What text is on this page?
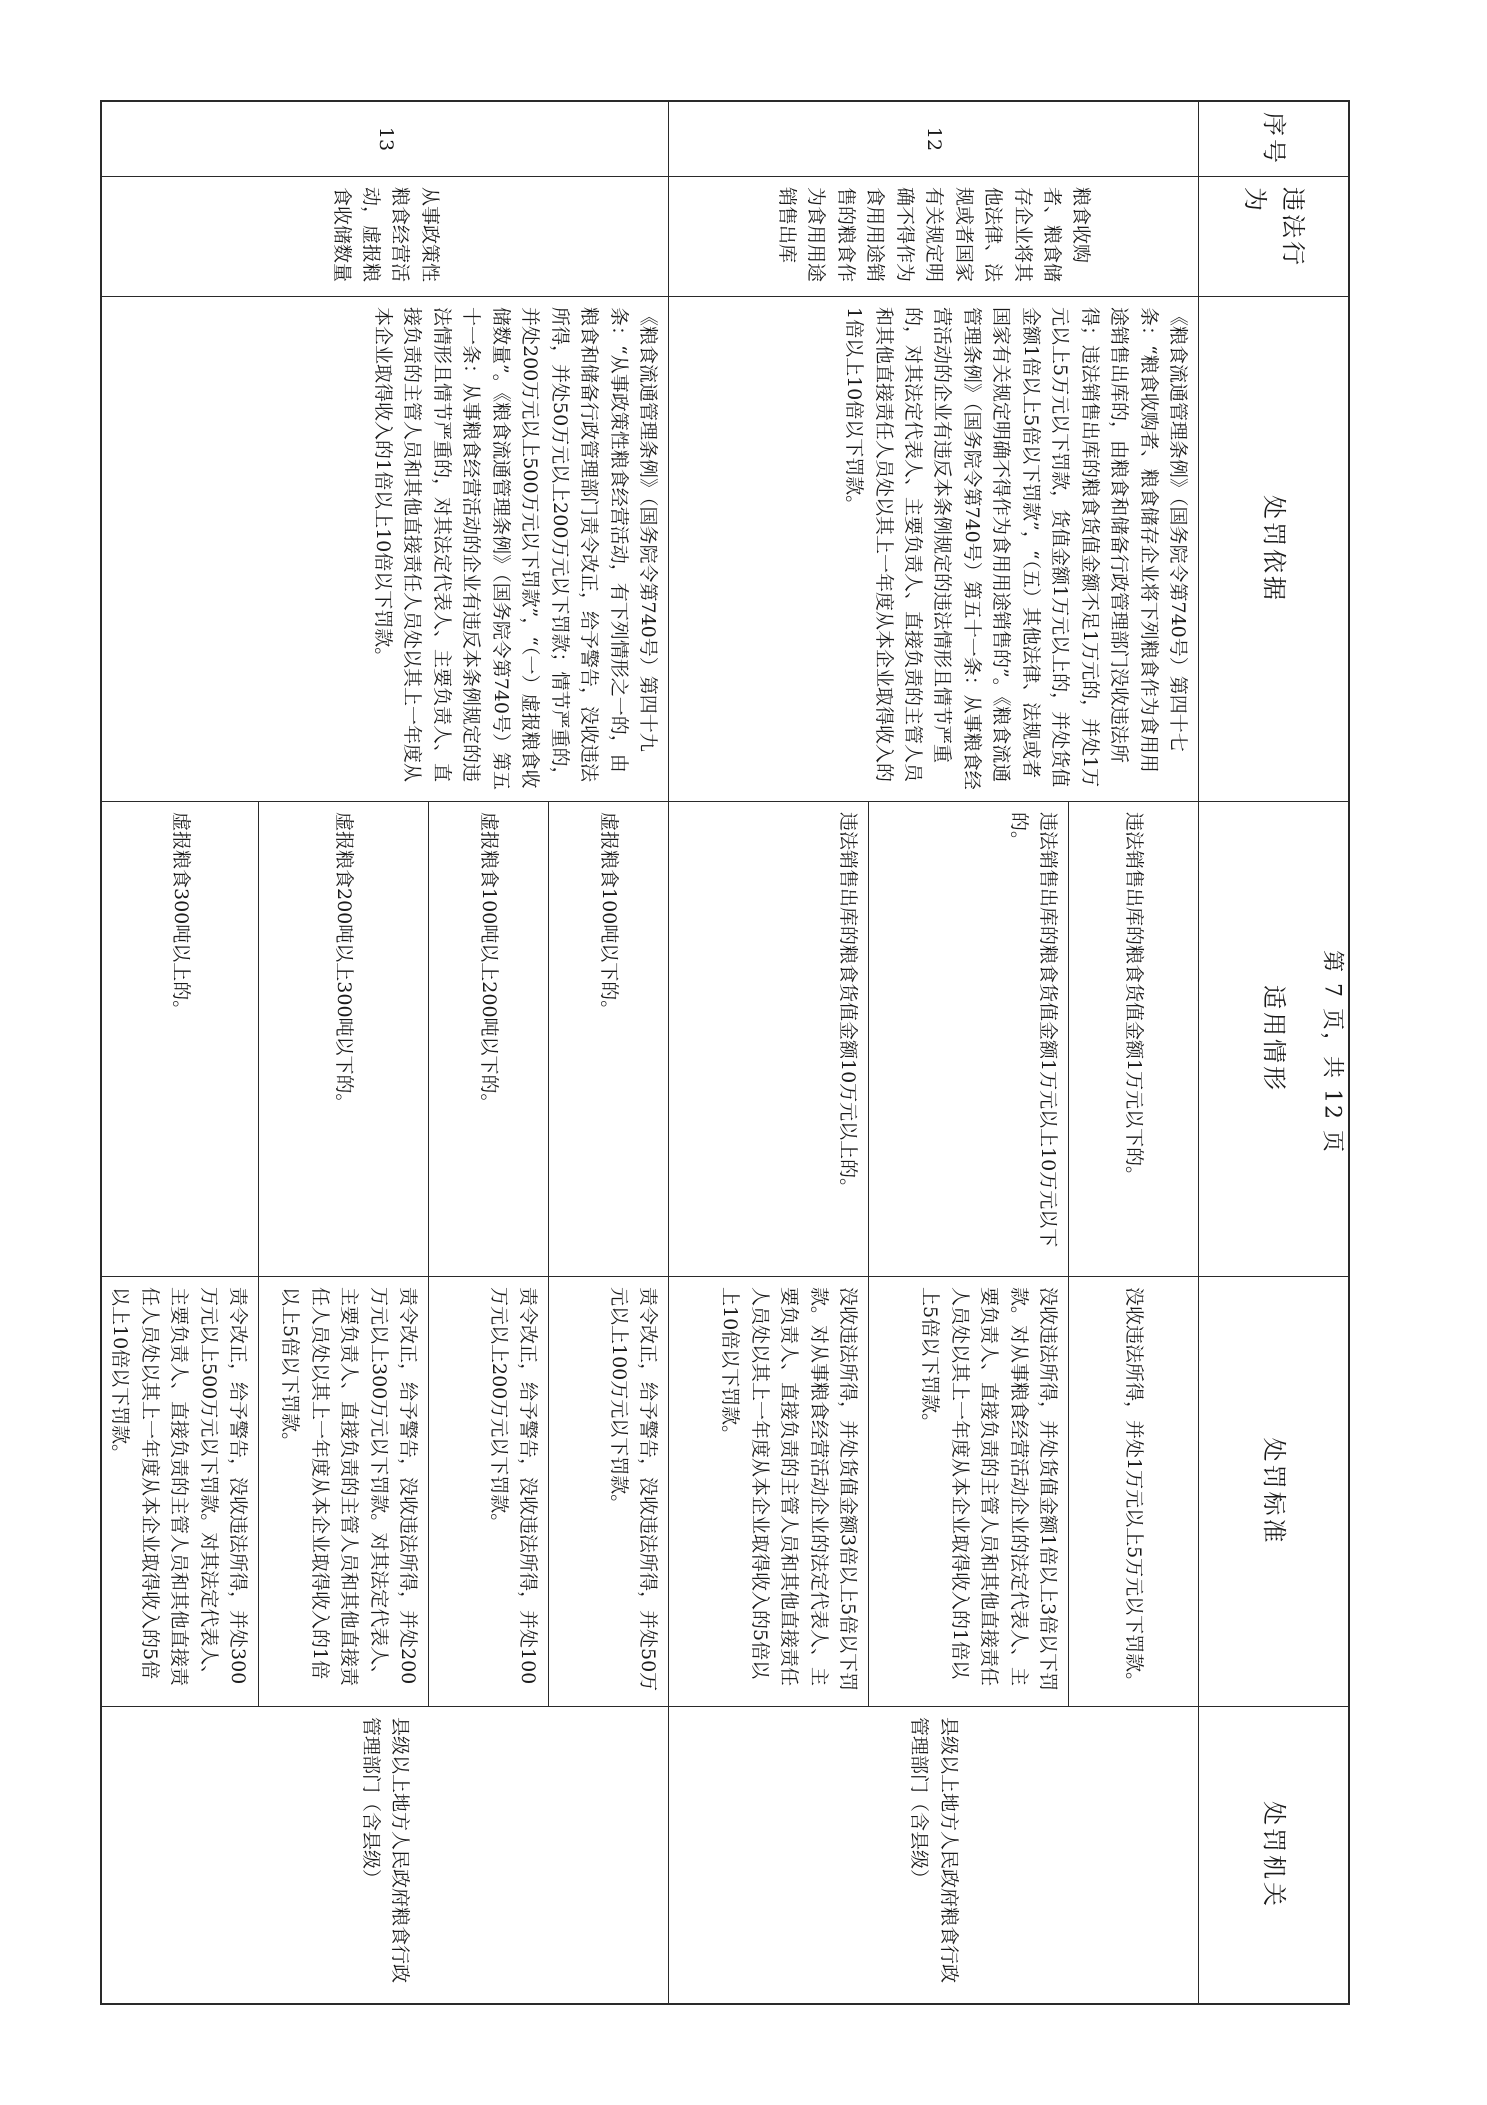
序号
违法行为
处罚依据
适用情形
处罚标准
处罚机关
12
粮食收购者、粮食储存企业将其他法律、法规或者国家有关规定明确不得作为食用用途销售的粮食作为食用用途销售出库
《粮食流通管理条例》（国务院令第740号）第四十七条：“粮食收购者、粮食储存企业将下列粮食作为食用用途销售出库的，由粮食和储备行政管理部门没收违法所得；违法销售出库的粮食货值金额不足1万元的，并处1万元以上5万元以下罚款，货值金额1万元以上的，并处货值金额1倍以上5倍以下罚款”，“（五）其他法律、法规或者国家有关规定明确不得作为食用用途销售的”。《粮食流通管理条例》（国务院令第740号）第五十一条：从事粮食经营活动的企业有违反本条例规定的违法情形且情节严重的，对其法定代表人、主要负责人、直接负责的主管人员和其他直接责任人员处以其上一年度从本企业取得收入的1倍以上10倍以下罚款。
违法销售出库的粮食货值金额1万元以下的。
没收违法所得，并处1万元以上5万元以下罚款。
违法销售出库的粮食货值金额1万元以上10万元以下的。
没收违法所得，并处货值金额1倍以上3倍以下罚款。对从事粮食经营活动企业的法定代表人、主要负责人、直接负责的主管人员和其他直接责任人员处以其上一年度从本企业取得收入的1倍以上5倍以下罚款。
违法销售出库的粮食货值金额10万元以上的。
没收违法所得，并处货值金额3倍以上5倍以下罚款。对从事粮食经营活动企业的法定代表人、主要负责人、直接负责的主管人员和其他直接责任人员处以其上一年度从本企业取得收入的5倍以上10倍以下罚款。
县级以上地方人民政府粮食行政管理部门（含县级）
13
从事政策性粮食经营活动，虚报粮食收储数量
《粮食流通管理条例》（国务院令第740号）第四十九条：“从事政策性粮食经营活动，有下列情形之一的，由粮食和储备行政管理部门责令改正，给予警告，没收违法所得，并处50万元以上200万元以下罚款；情节严重的，并处200万元以上500万元以下罚款”，“（一）虚报粮食收储数量”。《粮食流通管理条例》（国务院令第740号）第五十一条：从事粮食经营活动的企业有违反本条例规定的违法情形且情节严重的，对其法定代表人、主要负责人、直接负责的主管人员和其他直接责任人员处以其上一年度从本企业取得收入的1倍以上10倍以下罚款。
虚报粮食100吨以下的。
责令改正，给予警告，没收违法所得，并处50万元以上100万元以下罚款。
虚报粮食100吨以上200吨以下的。
责令改正，给予警告，没收违法所得，并处100万元以上200万元以下罚款。
虚报粮食200吨以上300吨以下的。
责令改正，给予警告，没收违法所得，并处200万元以上300万元以下罚款。对其法定代表人、主要负责人、直接负责的主管人员和其他直接责任人员处以其上一年度从本企业取得收入的1倍以上5倍以下罚款。
虚报粮食300吨以上的。
责令改正，给予警告，没收违法所得，并处300万元以上500万元以下罚款。对其法定代表人、主要负责人、直接负责的主管人员和其他直接责任人员处以其上一年度从本企业取得收入的5倍以上10倍以下罚款。
县级以上地方人民政府粮食行政管理部门（含县级）
第 7 页，共 12 页
